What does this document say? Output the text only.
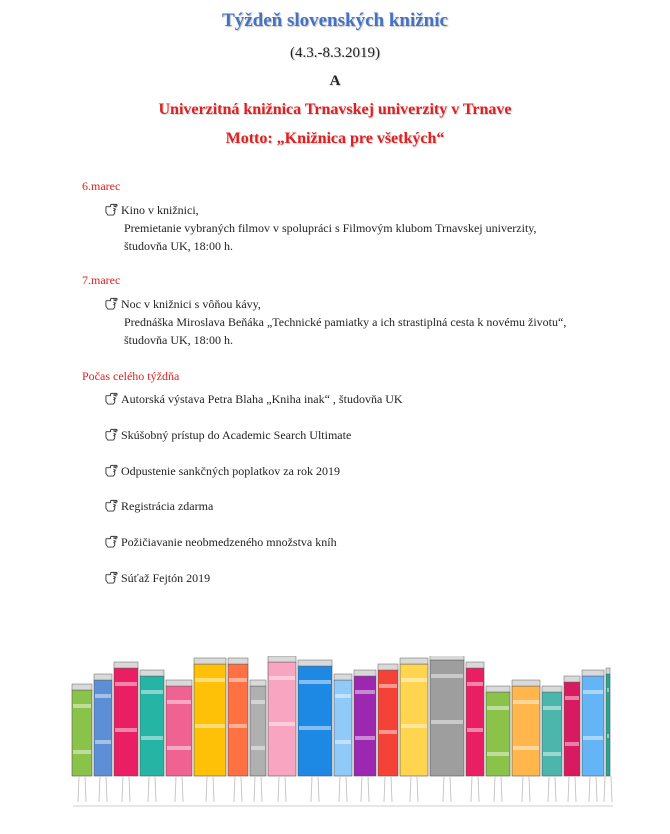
Týždeň slovenských knižníc
(4.3.-8.3.2019)
A
Univerzitná knižnica Trnavskej univerzity v Trnave
Motto: „Knižnica pre všetkých“
6.marec
Kino v knižnici,
Premietanie vybraných filmov v spolupráci s Filmovým klubom Trnavskej univerzity,
študovňa UK, 18:00 h.
7.marec
Noc v knižnici s vôňou kávy,
Prednáška Miroslava Beňáka „Technické pamiatky a ich strastiplná cesta k novému životu“,
študovňa UK, 18:00 h.
Počas celého týždňa
Autorská výstava Petra Blaha „Kniha inak“ , študovňa UK
Skúšobný prístup do Academic Search Ultimate
Odpustenie sankčných poplatkov za rok 2019
Registrácia zdarma
Požičiavanie neobmedzeného množstva kníh
Súťaž Fejtón 2019
